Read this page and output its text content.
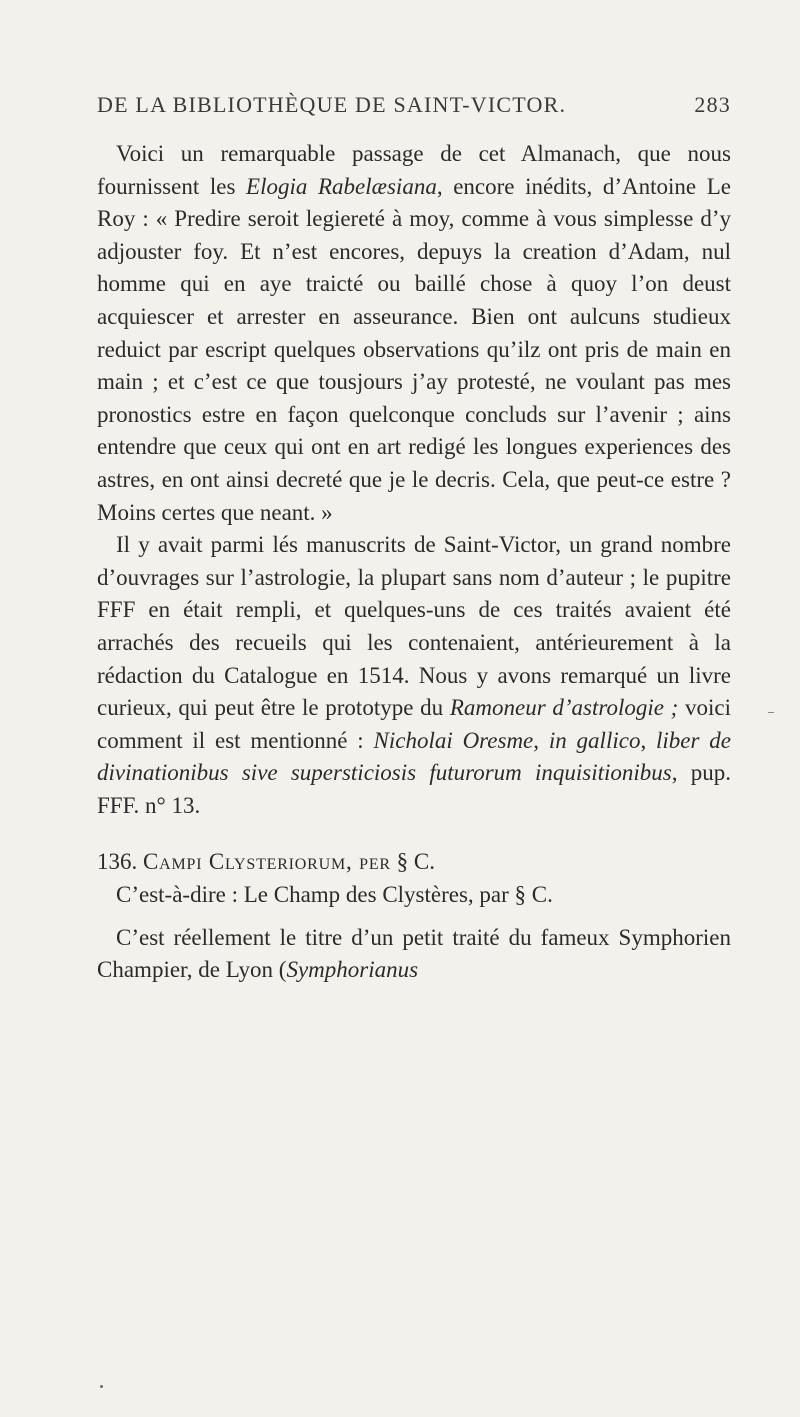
DE LA BIBLIOTHÈQUE DE SAINT-VICTOR.	283

Voici un remarquable passage de cet Almanach, que nous fournissent les Elogia Rabelæsiana, encore inédits, d’Antoine Le Roy : « Predire seroit legiereté à moy, comme à vous simplesse d’y adjouster foy. Et n’est encores, depuys la creation d’Adam, nul homme qui en aye traicté ou baillé chose à quoy l’on deust acquiescer et arrester en asseurance. Bien ont aulcuns studieux reduict par escript quelques observations qu’ilz ont pris de main en main ; et c’est ce que tousjours j’ay protesté, ne voulant pas mes pronostics estre en façon quelconque concluds sur l’avenir ; ains entendre que ceux qui ont en art redigé les longues experiences des astres, en ont ainsi decreté que je le decris. Cela, que peut-ce estre ? Moins certes que neant. »

Il y avait parmi lés manuscrits de Saint-Victor, un grand nombre d’ouvrages sur l’astrologie, la plupart sans nom d’auteur ; le pupitre FFF en était rempli, et quelques-uns de ces traités avaient été arrachés des recueils qui les contenaient, antérieurement à la rédaction du Catalogue en 1514. Nous y avons remarqué un livre curieux, qui peut être le prototype du Ramoneur d’astrologie ; voici comment il est mentionné : Nicholai Oresme, in gallico, liber de divinationibus sive supersticiosis futurorum inquisitionibus, pup. FFF. n° 13.

136. Campi Clysteriorum, per § C.

C’est-à-dire : Le Champ des Clystères, par § C.

C’est réellement le titre d’un petit traité du fameux Symphorien Champier, de Lyon (Symphorianus
